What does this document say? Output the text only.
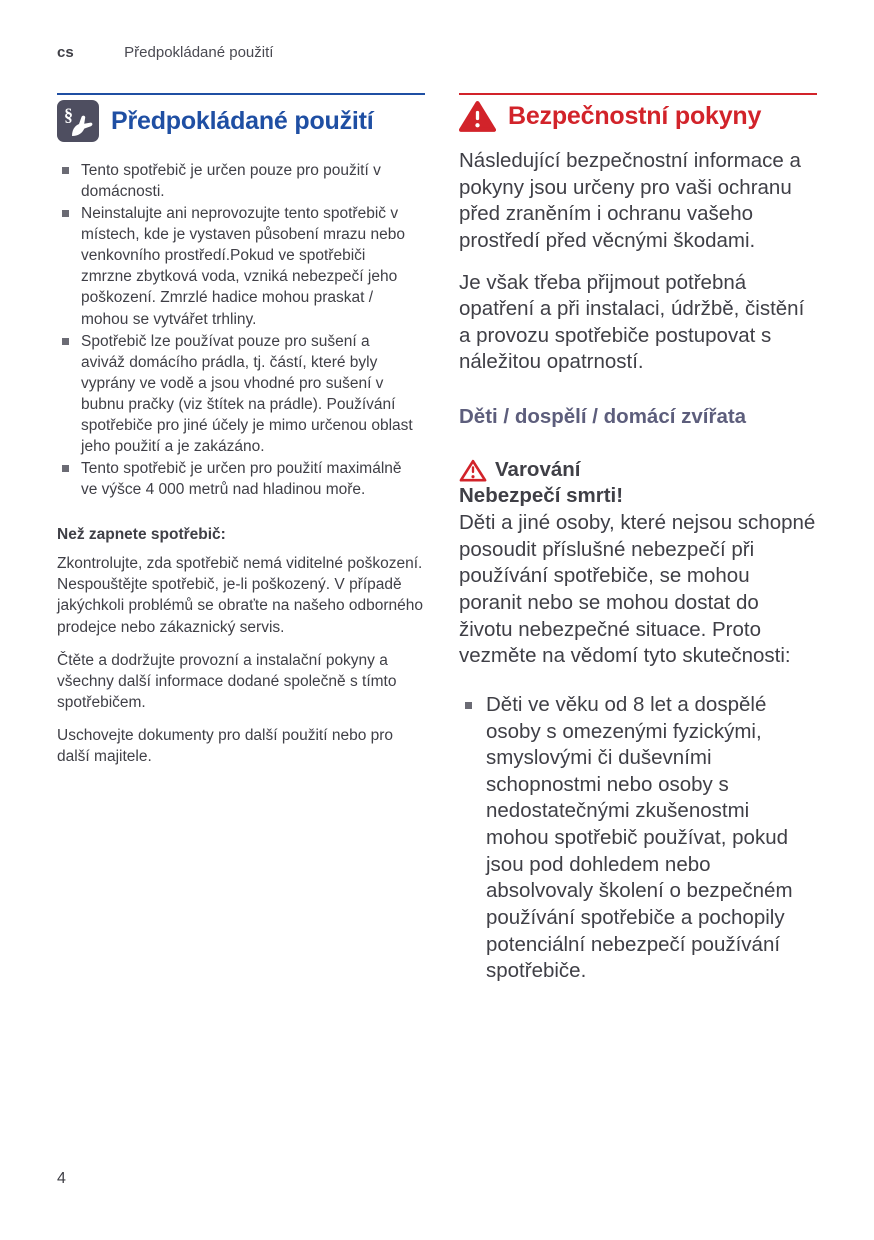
cs	Předpokládané použití
§ Předpokládané použití
Tento spotřebič je určen pouze pro použití v domácnosti.
Neinstalujte ani neprovozujte tento spotřebič v místech, kde je vystaven působení mrazu nebo venkovního prostředí.Pokud ve spotřebiči zmrzne zbytková voda, vzniká nebezpečí jeho poškození. Zmrzlé hadice mohou praskat / mohou se vytvářet trhliny.
Spotřebič lze používat pouze pro sušení a aviváž domácího prádla, tj. částí, které byly vyprány ve vodě a jsou vhodné pro sušení v bubnu pračky (viz štítek na prádle). Používání spotřebiče pro jiné účely je mimo určenou oblast jeho použití a je zakázáno.
Tento spotřebič je určen pro použití maximálně ve výšce 4 000 metrů nad hladinou moře.
Než zapnete spotřebič:

Zkontrolujte, zda spotřebič nemá viditelné poškození. Nespouštějte spotřebič, je-li poškozený. V případě jakýchkoli problémů se obraťte na našeho odborného prodejce nebo zákaznický servis.

Čtěte a dodržujte provozní a instalační pokyny a všechny další informace dodané společně s tímto spotřebičem.

Uschovejte dokumenty pro další použití nebo pro další majitele.

Bezpečnostní pokyny

Následující bezpečnostní informace a pokyny jsou určeny pro vaši ochranu před zraněním i ochranu vašeho prostředí před věcnými škodami.

Je však třeba přijmout potřebná opatření a při instalaci, údržbě, čistění a provozu spotřebiče postupovat s náležitou opatrností.

Děti / dospělí / domácí zvířata
Varování
Nebezpečí smrti!
Děti a jiné osoby, které nejsou schopné posoudit příslušné nebezpečí při používání spotřebiče, se mohou poranit nebo se mohou dostat do životu nebezpečné situace. Proto vezměte na vědomí tyto skutečnosti:
Děti ve věku od 8 let a dospělé osoby s omezenými fyzickými, smyslovými či duševními schopnostmi nebo osoby s nedostatečnými zkušenostmi mohou spotřebič používat, pokud jsou pod dohledem nebo absolvovaly školení o bezpečném používání spotřebiče a pochopily potenciální nebezpečí používání spotřebiče.
4
